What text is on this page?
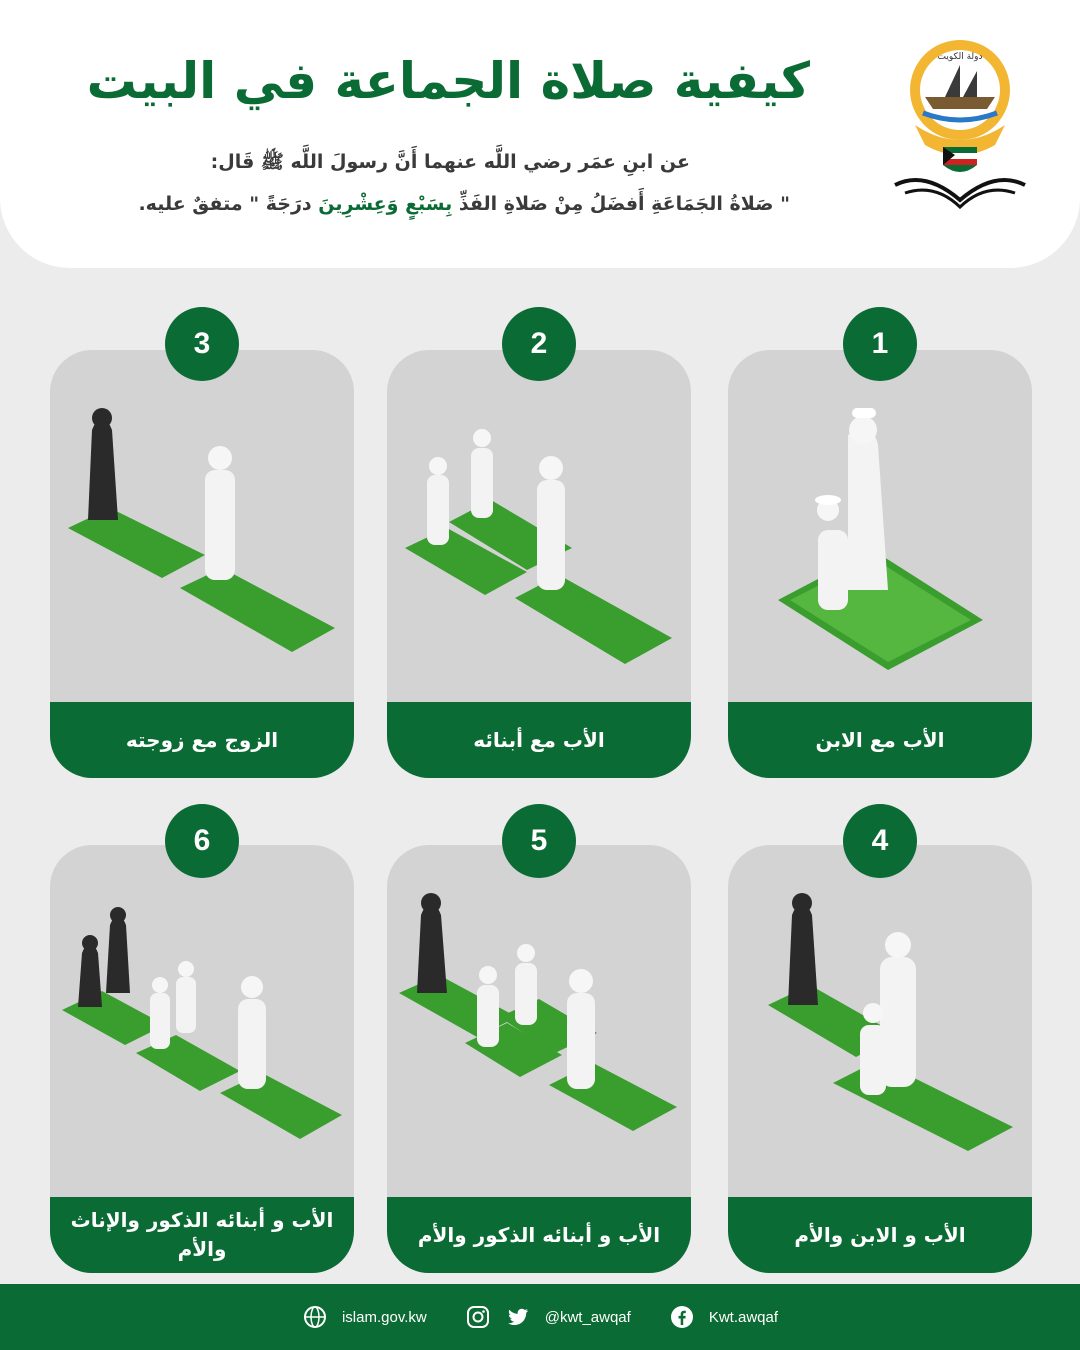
كيفية صلاة الجماعة في البيت
عن ابنِ عمَر رضي اللَّه عنهما أَنَّ رسولَ اللَّه ﷺ قَال:
" صَلاةُ الجَمَاعَةِ أَفضَلُ مِنْ صَلاةِ الفَذِّ بِسَبْعٍ وَعِشْرِينَ درَجَةً " متفقٌ عليه.
دولة الكويت
الأب مع الابن
1
الأب مع أبنائه
2
الزوج مع زوجته
3
الأب و الابن والأم
4
الأب و أبنائه الذكور والأم
5
الأب و أبنائه الذكور والإناث والأم
6
islam.gov.kw	@kwt_awqaf	Kwt.awqaf
